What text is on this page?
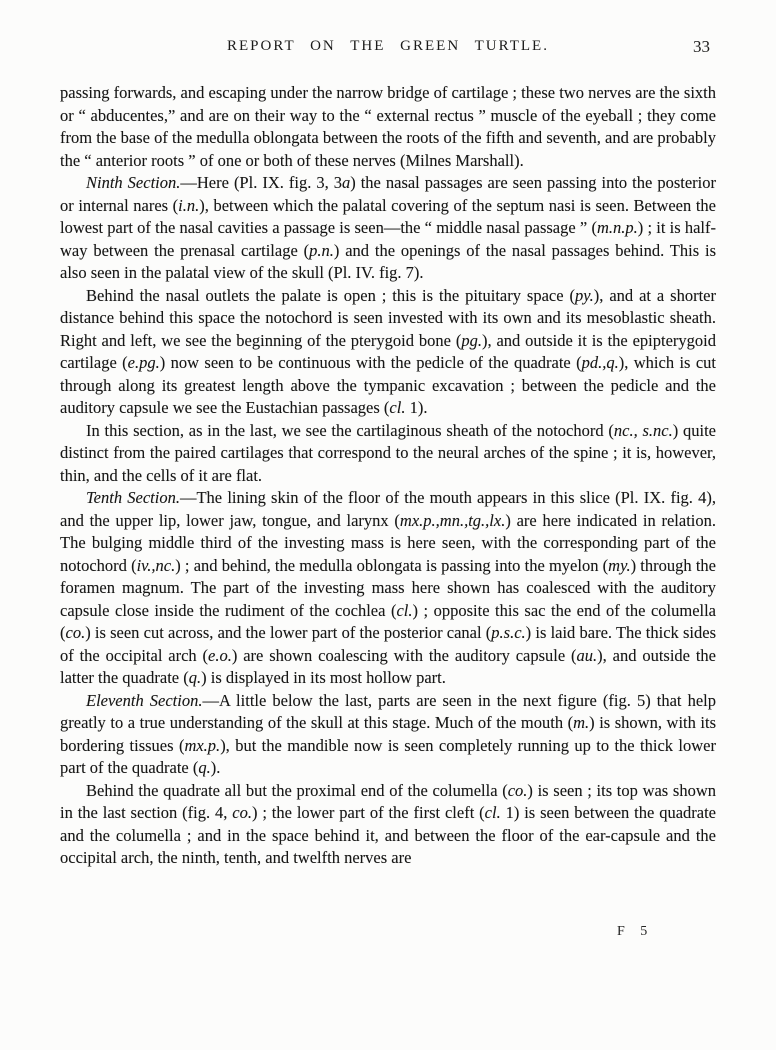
REPORT ON THE GREEN TURTLE.	33

passing forwards, and escaping under the narrow bridge of cartilage ; these two nerves are the sixth or “ abducentes,” and are on their way to the “ external rectus ” muscle of the eyeball ; they come from the base of the medulla oblongata between the roots of the fifth and seventh, and are probably the “ anterior roots ” of one or both of these nerves (Milnes Marshall).

Ninth Section.—Here (Pl. IX. fig. 3, 3a) the nasal passages are seen passing into the posterior or internal nares (i.n.), between which the palatal covering of the septum nasi is seen. Between the lowest part of the nasal cavities a passage is seen—the “ middle nasal passage ” (m.n.p.) ; it is half-way between the prenasal cartilage (p.n.) and the openings of the nasal passages behind. This is also seen in the palatal view of the skull (Pl. IV. fig. 7).

Behind the nasal outlets the palate is open ; this is the pituitary space (py.), and at a shorter distance behind this space the notochord is seen invested with its own and its mesoblastic sheath. Right and left, we see the beginning of the pterygoid bone (pg.), and outside it is the epipterygoid cartilage (e.pg.) now seen to be continuous with the pedicle of the quadrate (pd.,q.), which is cut through along its greatest length above the tympanic excavation ; between the pedicle and the auditory capsule we see the Eustachian passages (cl. 1).

In this section, as in the last, we see the cartilaginous sheath of the notochord (nc., s.nc.) quite distinct from the paired cartilages that correspond to the neural arches of the spine ; it is, however, thin, and the cells of it are flat.

Tenth Section.—The lining skin of the floor of the mouth appears in this slice (Pl. IX. fig. 4), and the upper lip, lower jaw, tongue, and larynx (mx.p.,mn.,tg.,lx.) are here indicated in relation. The bulging middle third of the investing mass is here seen, with the corresponding part of the notochord (iv.,nc.) ; and behind, the medulla oblongata is passing into the myelon (my.) through the foramen magnum. The part of the investing mass here shown has coalesced with the auditory capsule close inside the rudiment of the cochlea (cl.) ; opposite this sac the end of the columella (co.) is seen cut across, and the lower part of the posterior canal (p.s.c.) is laid bare. The thick sides of the occipital arch (e.o.) are shown coalescing with the auditory capsule (au.), and outside the latter the quadrate (q.) is displayed in its most hollow part.

Eleventh Section.—A little below the last, parts are seen in the next figure (fig. 5) that help greatly to a true understanding of the skull at this stage. Much of the mouth (m.) is shown, with its bordering tissues (mx.p.), but the mandible now is seen completely running up to the thick lower part of the quadrate (q.).

Behind the quadrate all but the proximal end of the columella (co.) is seen ; its top was shown in the last section (fig. 4, co.) ; the lower part of the first cleft (cl. 1) is seen between the quadrate and the columella ; and in the space behind it, and between the floor of the ear-capsule and the occipital arch, the ninth, tenth, and twelfth nerves are

F 5
